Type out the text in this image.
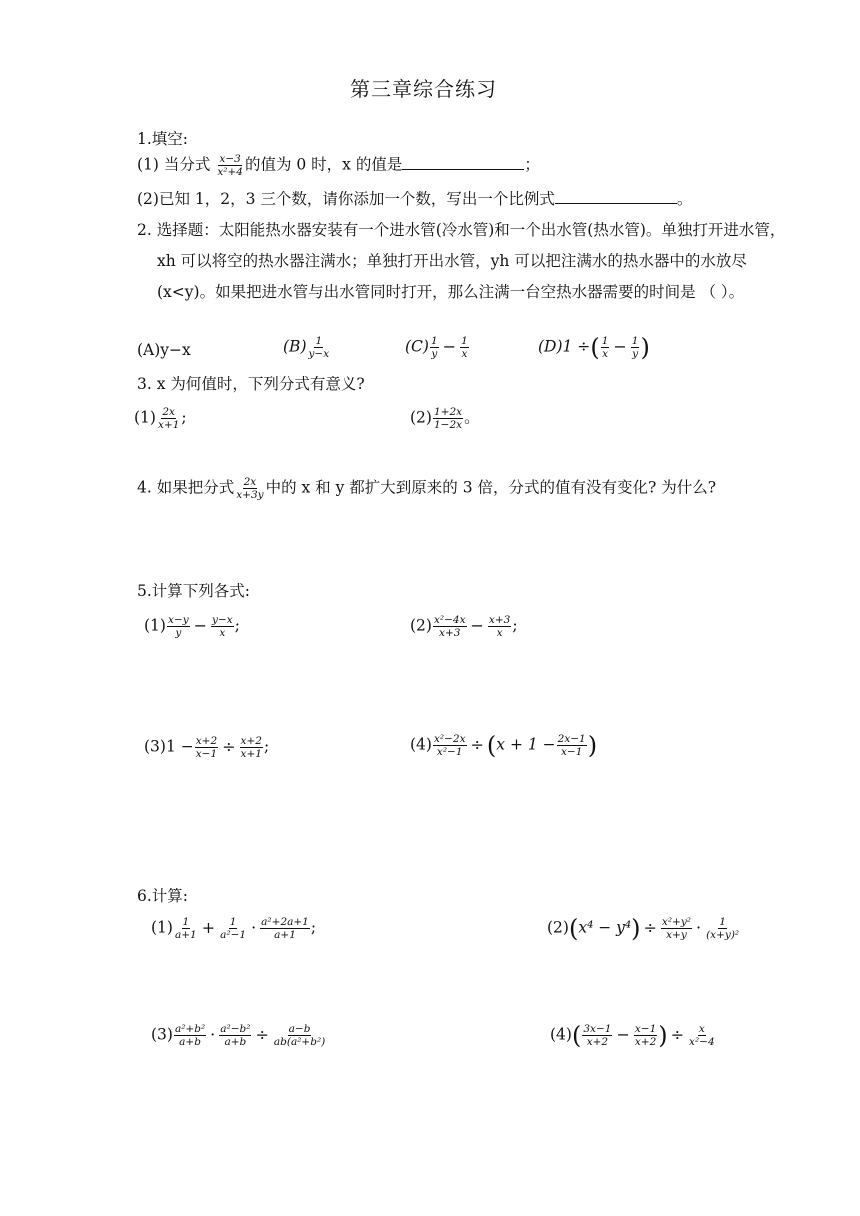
第三章综合练习
1.填空:
(1) 当分式 $\frac{x-3}{\text{x²+4}}$ 的值为 0 时，x 的值是	；
(2)已知 1，2，3 三个数，请你添加一个数，写出一个比例式	。
2. 选择题：太阳能热水器安装有一个进水管(冷水管)和一个出水管(热水管)。单独打开进水管，xh 可以将空的热水器注满水；单独打开出水管，yh 可以把注满水的热水器中的水放尽(x<y)。如果把进水管与出水管同时打开，那么注满一台空热水器需要的时间是 （ ）。
(A)y−x	$(B) \frac{1}{y-x}$	$(C) \frac{1}{y} - \frac{1}{x}$	(D)1 ÷( $\frac{1}{x} - \frac{1}{y}$ )
3. x 为何值时，下列分式有意义?
$(1) \frac{2x}{x+1}$ ;	$(2) \frac{1+2x}{1-2x}$ 。
4. 如果把分式 $\frac{2x}{x+3y}$ 中的 x 和 y 都扩大到原来的 3 倍，分式的值有没有变化? 为什么?
5.计算下列各式:
$(1) \frac{x-y}{y} - \frac{y-x}{x}$ ;	$(2) \frac{\text{x²−4x}}{x+3} - \frac{x+3}{x}$ ;
$(3)1 - \frac{x+2}{x-1} \div \frac{x+2}{x+1}$ ;	$(4) \frac{\text{x²−2x}}{\text{x²−1}} \div (x + 1 - \frac{2x-1}{x-1}$ )
6.计算:
$(1) \frac{1}{a+1} + \frac{1}{\text{a²−1}} \cdot \frac{\text{a²+2a+1}}{a+1}$ ;	$(2)(x^4 - y^4) \div \frac{\text{x²+y²}}{x+y} \cdot \frac{1}{\text{(x+y)²}}$
$(3) \frac{\text{a²+b²}}{a+b} \cdot \frac{\text{a²−b²}}{a+b} \div \frac{a-b}{\text{ab(a²+b²)}}$	$(4)( \frac{3x-1}{x+2} - \frac{x-1}{x+2}$ ) ÷ $\frac{x}{\text{x²−4}}$
